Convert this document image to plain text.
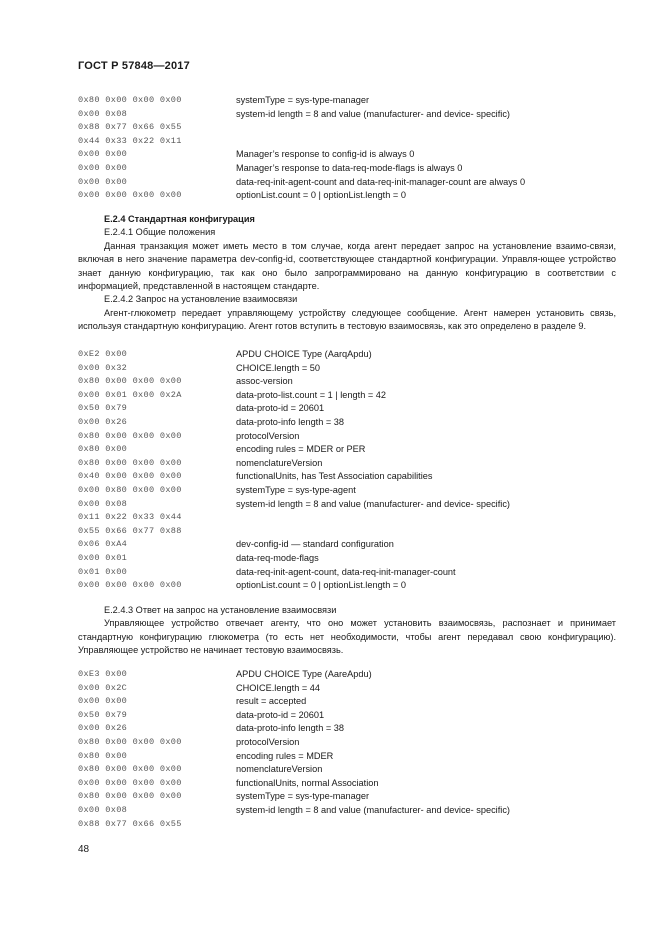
ГОСТ Р 57848—2017
0x80 0x00 0x00 0x00	systemType = sys-type-manager
0x00 0x08	system-id length = 8 and value (manufacturer- and device- specific)
0x88 0x77 0x66 0x55
0x44 0x33 0x22 0x11
0x00 0x00	Manager’s response to config-id is always 0
0x00 0x00	Manager’s response to data-req-mode-flags is always 0
0x00 0x00	data-req-init-agent-count and data-req-init-manager-count are always 0
0x00 0x00 0x00 0x00	optionList.count = 0 | optionList.length = 0
Е.2.4 Стандартная конфигурация
Е.2.4.1 Общие положения

Данная транзакция может иметь место в том случае, когда агент передает запрос на установление взаимо-связи, включая в него значение параметра dev-config-id, соответствующее стандартной конфигурации. Управля-ющее устройство знает данную конфигурацию, так как оно было запрограммировано на данную конфигурацию в соответствии с информацией, представленной в настоящем стандарте.

Е.2.4.2 Запрос на установление взаимосвязи

Агент-глюкометр передает управляющему устройству следующее сообщение. Агент намерен установить связь, используя стандартную конфигурацию. Агент готов вступить в тестовую взаимосвязь, как это определено в разделе 9.

0xE2 0x00	APDU CHOICE Type (AarqApdu)
0x00 0x32	CHOICE.length = 50
0x80 0x00 0x00 0x00	assoc-version
0x00 0x01 0x00 0x2A	data-proto-list.count = 1 | length = 42
0x50 0x79	data-proto-id = 20601
0x00 0x26	data-proto-info length = 38
0x80 0x00 0x00 0x00	protocolVersion
0x80 0x00	encoding rules = MDER or PER
0x80 0x00 0x00 0x00	nomenclatureVersion
0x40 0x00 0x00 0x00	functionalUnits, has Test Association capabilities
0x00 0x80 0x00 0x00	systemType = sys-type-agent
0x00 0x08	system-id length = 8 and value (manufacturer- and device- specific)
0x11 0x22 0x33 0x44
0x55 0x66 0x77 0x88
0x06 0xA4	dev-config-id — standard configuration
0x00 0x01	data-req-mode-flags
0x01 0x00	data-req-init-agent-count, data-req-init-manager-count
0x00 0x00 0x00 0x00	optionList.count = 0 | optionList.length = 0
Е.2.4.3 Ответ на запрос на установление взаимосвязи

Управляющее устройство отвечает агенту, что оно может установить взаимосвязь, распознает и принимает стандартную конфигурацию глюкометра (то есть нет необходимости, чтобы агент передавал свою конфигурацию). Управляющее устройство не начинает тестовую взаимосвязь.

0xE3 0x00	APDU CHOICE Type (AareApdu)
0x00 0x2C	CHOICE.length = 44
0x00 0x00	result = accepted
0x50 0x79	data-proto-id = 20601
0x00 0x26	data-proto-info length = 38
0x80 0x00 0x00 0x00	protocolVersion
0x80 0x00	encoding rules = MDER
0x80 0x00 0x00 0x00	nomenclatureVersion
0x00 0x00 0x00 0x00	functionalUnits, normal Association
0x80 0x00 0x00 0x00	systemType = sys-type-manager
0x00 0x08	system-id length = 8 and value (manufacturer- and device- specific)
0x88 0x77 0x66 0x55
48
